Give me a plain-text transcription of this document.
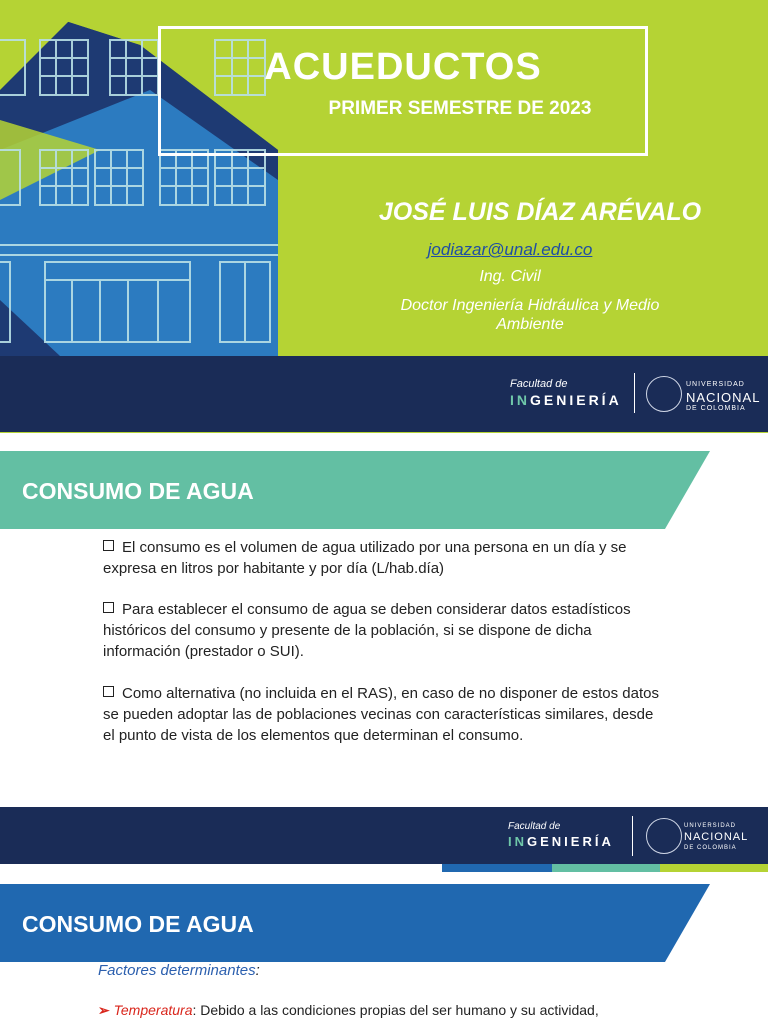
ACUEDUCTOS
PRIMER SEMESTRE DE 2023
JOSÉ LUIS DÍAZ ARÉVALO
jodiazar@unal.edu.co
Ing. Civil
Doctor Ingeniería Hidráulica y Medio Ambiente
Facultad de
INGENIERÍA
UNIVERSIDAD
NACIONAL
DE COLOMBIA
CONSUMO DE AGUA
El consumo es el volumen de agua utilizado por una persona en un día y se expresa en litros por habitante y por día (L/hab.día)
Para establecer el consumo de agua se deben considerar datos estadísticos históricos del consumo y presente de la población, si se dispone de dicha información (prestador o SUI).
Como alternativa (no incluida en el RAS), en caso de no disponer de estos datos se pueden adoptar las de poblaciones vecinas con características similares, desde el punto de vista de los elementos que determinan el consumo.
Facultad de
INGENIERÍA
UNIVERSIDAD
NACIONAL
DE COLOMBIA
CONSUMO DE AGUA
Factores determinantes:
➢ Temperatura: Debido a las condiciones propias del ser humano y su actividad,
